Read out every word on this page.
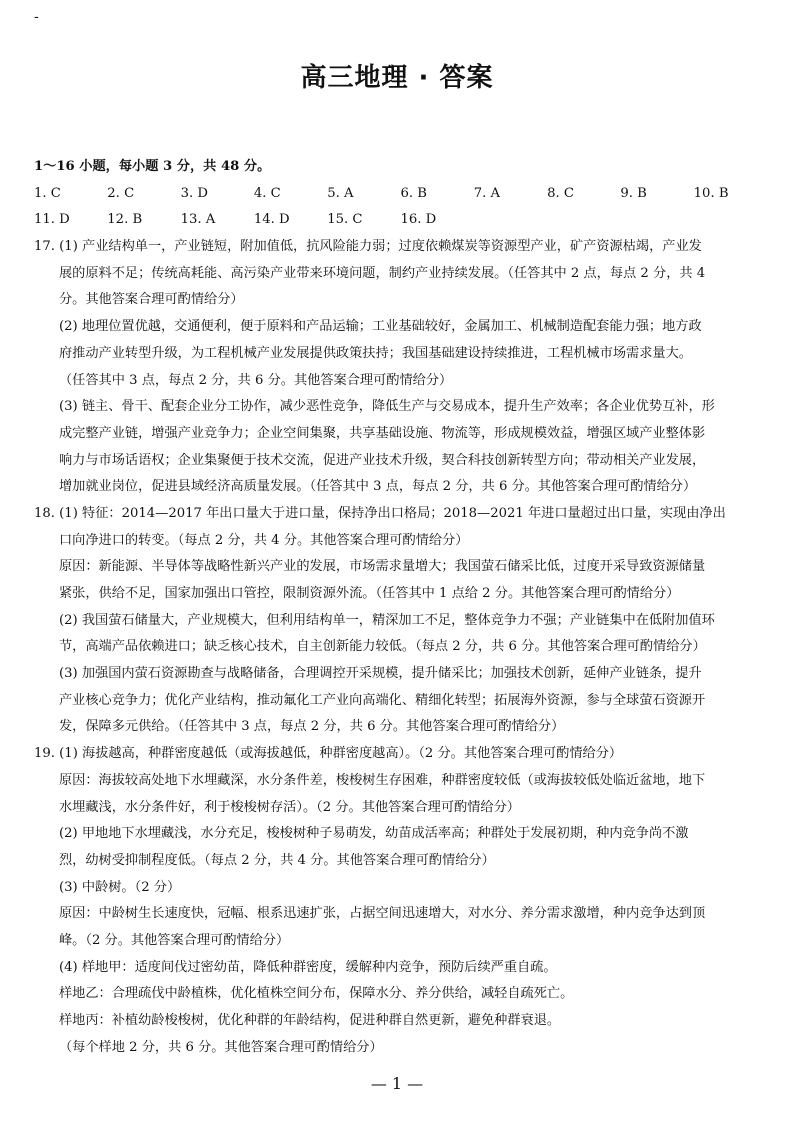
-
高三地理 · 答案
1～16 小题，每小题 3 分，共 48 分。
1. C	2. C	3. D	4. C	5. A	6. B	7. A	8. C	9. B	10. B
11. D	12. B	13. A	14. D	15. C	16. D
17. (1) 产业结构单一，产业链短，附加值低，抗风险能力弱；过度依赖煤炭等资源型产业，矿产资源枯竭，产业发
展的原料不足；传统高耗能、高污染产业带来环境问题，制约产业持续发展。（任答其中 2 点，每点 2 分，共 4
分。其他答案合理可酌情给分）
(2) 地理位置优越，交通便利，便于原料和产品运输；工业基础较好，金属加工、机械制造配套能力强；地方政
府推动产业转型升级，为工程机械产业发展提供政策扶持；我国基础建设持续推进，工程机械市场需求量大。
（任答其中 3 点，每点 2 分，共 6 分。其他答案合理可酌情给分）
(3) 链主、骨干、配套企业分工协作，减少恶性竞争，降低生产与交易成本，提升生产效率；各企业优势互补，形
成完整产业链，增强产业竞争力；企业空间集聚，共享基础设施、物流等，形成规模效益，增强区域产业整体影
响力与市场话语权；企业集聚便于技术交流，促进产业技术升级，契合科技创新转型方向；带动相关产业发展，
增加就业岗位，促进县域经济高质量发展。（任答其中 3 点，每点 2 分，共 6 分。其他答案合理可酌情给分）
18. (1) 特征：2014—2017 年出口量大于进口量，保持净出口格局；2018—2021 年进口量超过出口量，实现由净出
口向净进口的转变。（每点 2 分，共 4 分。其他答案合理可酌情给分）
原因：新能源、半导体等战略性新兴产业的发展，市场需求量增大；我国萤石储采比低，过度开采导致资源储量
紧张，供给不足，国家加强出口管控，限制资源外流。（任答其中 1 点给 2 分。其他答案合理可酌情给分）
(2) 我国萤石储量大，产业规模大，但利用结构单一，精深加工不足，整体竞争力不强；产业链集中在低附加值环
节，高端产品依赖进口；缺乏核心技术，自主创新能力较低。（每点 2 分，共 6 分。其他答案合理可酌情给分）
(3) 加强国内萤石资源勘查与战略储备，合理调控开采规模，提升储采比；加强技术创新，延伸产业链条，提升
产业核心竞争力；优化产业结构，推动氟化工产业向高端化、精细化转型；拓展海外资源，参与全球萤石资源开
发，保障多元供给。（任答其中 3 点，每点 2 分，共 6 分。其他答案合理可酌情给分）
19. (1) 海拔越高，种群密度越低（或海拔越低，种群密度越高）。（2 分。其他答案合理可酌情给分）
原因：海拔较高处地下水埋藏深，水分条件差，梭梭树生存困难，种群密度较低（或海拔较低处临近盆地，地下
水埋藏浅，水分条件好，利于梭梭树存活）。（2 分。其他答案合理可酌情给分）
(2) 甲地地下水埋藏浅，水分充足，梭梭树种子易萌发，幼苗成活率高；种群处于发展初期，种内竞争尚不激
烈，幼树受抑制程度低。（每点 2 分，共 4 分。其他答案合理可酌情给分）
(3) 中龄树。（2 分）
原因：中龄树生长速度快，冠幅、根系迅速扩张，占据空间迅速增大，对水分、养分需求激增，种内竞争达到顶
峰。（2 分。其他答案合理可酌情给分）
(4) 样地甲：适度间伐过密幼苗，降低种群密度，缓解种内竞争，预防后续严重自疏。
样地乙：合理疏伐中龄植株，优化植株空间分布，保障水分、养分供给，减轻自疏死亡。
样地丙：补植幼龄梭梭树，优化种群的年龄结构，促进种群自然更新，避免种群衰退。
（每个样地 2 分，共 6 分。其他答案合理可酌情给分）
— 1 —
